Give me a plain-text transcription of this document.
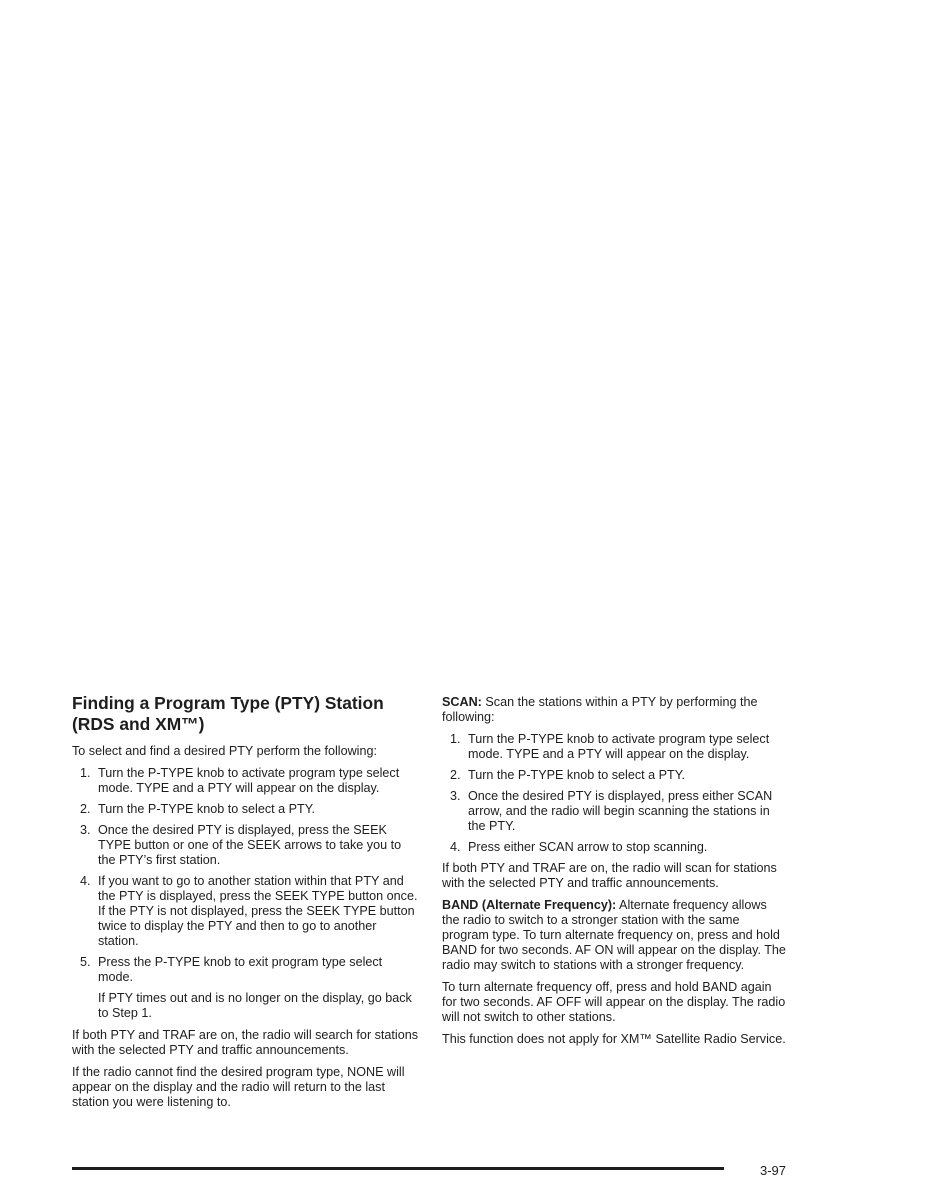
Finding a Program Type (PTY) Station
(RDS and XM™)

To select and find a desired PTY perform the following:

1. Turn the P-TYPE knob to activate program type select mode. TYPE and a PTY will appear on the display.
2. Turn the P-TYPE knob to select a PTY.
3. Once the desired PTY is displayed, press the SEEK TYPE button or one of the SEEK arrows to take you to the PTY’s first station.
4. If you want to go to another station within that PTY and the PTY is displayed, press the SEEK TYPE button once. If the PTY is not displayed, press the SEEK TYPE button twice to display the PTY and then to go to another station.
5. Press the P-TYPE knob to exit program type select mode.

If PTY times out and is no longer on the display, go back to Step 1.

If both PTY and TRAF are on, the radio will search for stations with the selected PTY and traffic announcements.

If the radio cannot find the desired program type, NONE will appear on the display and the radio will return to the last station you were listening to.

SCAN: Scan the stations within a PTY by performing the following:

1. Turn the P-TYPE knob to activate program type select mode. TYPE and a PTY will appear on the display.
2. Turn the P-TYPE knob to select a PTY.
3. Once the desired PTY is displayed, press either SCAN arrow, and the radio will begin scanning the stations in the PTY.
4. Press either SCAN arrow to stop scanning.

If both PTY and TRAF are on, the radio will scan for stations with the selected PTY and traffic announcements.

BAND (Alternate Frequency): Alternate frequency allows the radio to switch to a stronger station with the same program type. To turn alternate frequency on, press and hold BAND for two seconds. AF ON will appear on the display. The radio may switch to stations with a stronger frequency.

To turn alternate frequency off, press and hold BAND again for two seconds. AF OFF will appear on the display. The radio will not switch to other stations.

This function does not apply for XM™ Satellite Radio Service.

3-97
